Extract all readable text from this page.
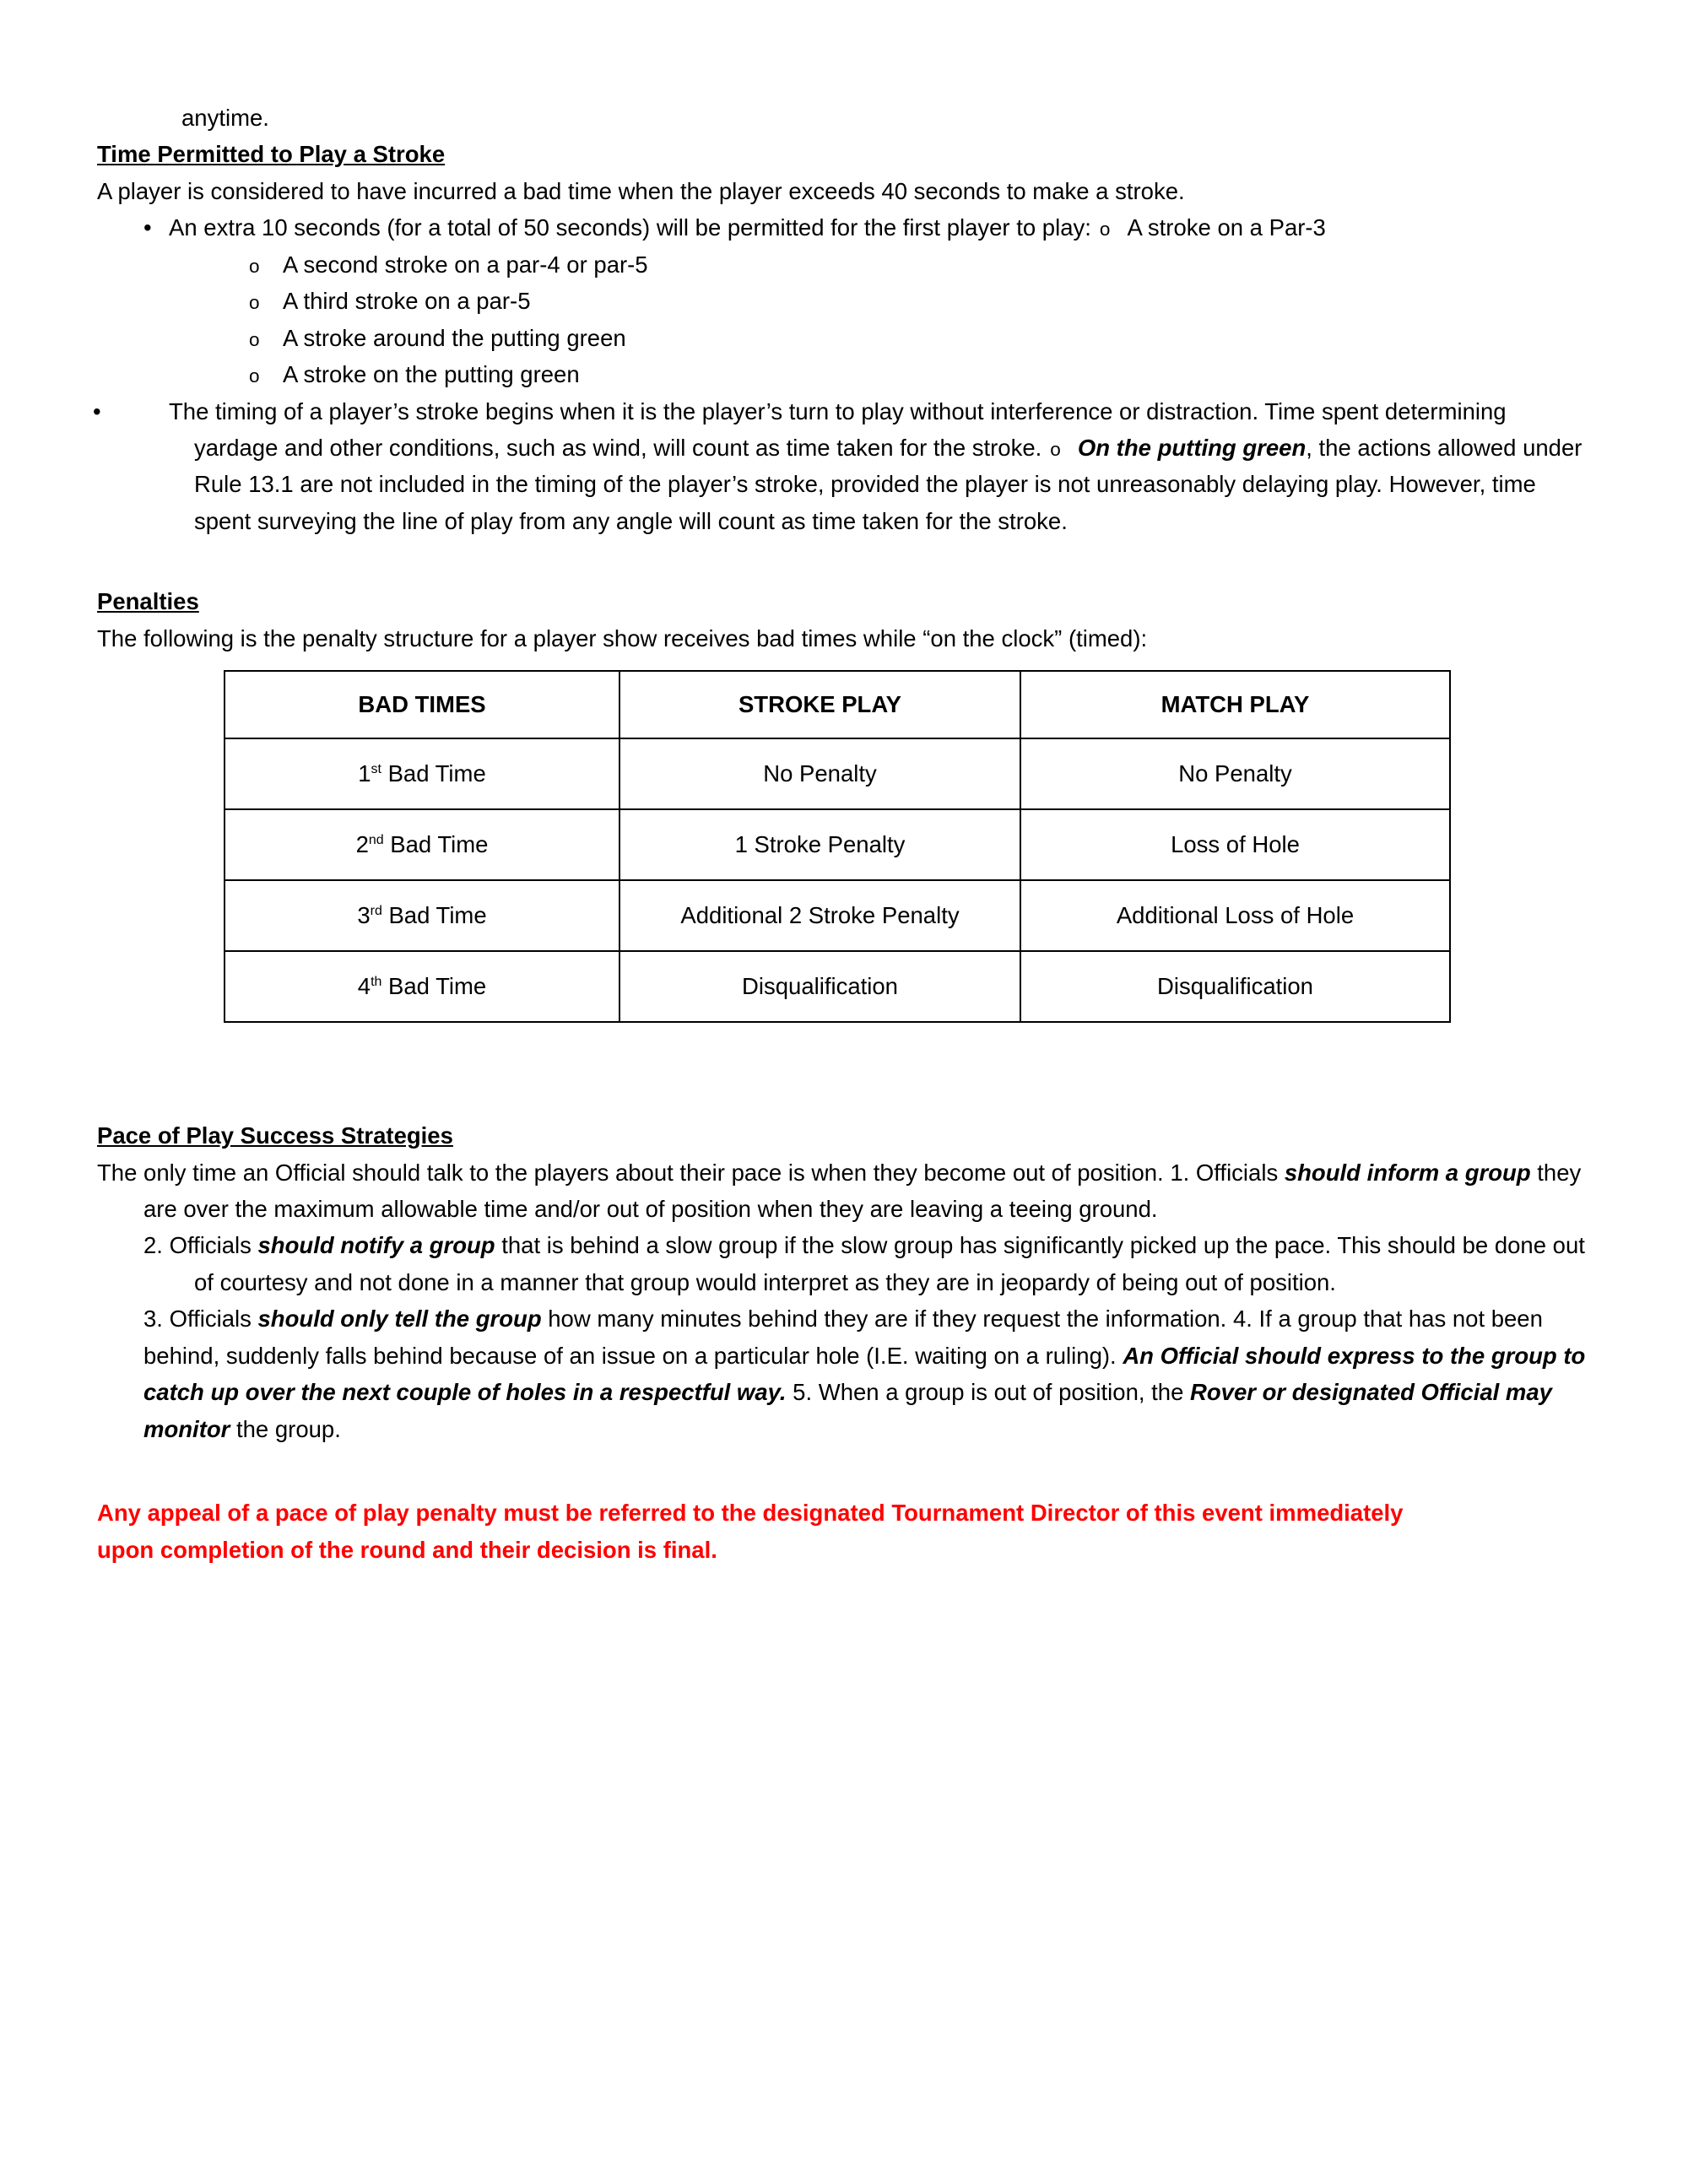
anytime.

Time Permitted to Play a Stroke

A player is considered to have incurred a bad time when the player exceeds 40 seconds to make a stroke.

• An extra 10 seconds (for a total of 50 seconds) will be permitted for the first player to play: o A stroke on a Par-3
o A second stroke on a par-4 or par-5
o A third stroke on a par-5
o A stroke around the putting green
o A stroke on the putting green
•	The timing of a player’s stroke begins when it is the player’s turn to play without interference or distraction. Time spent determining yardage and other conditions, such as wind, will count as time taken for the stroke. o On the putting green, the actions allowed under Rule 13.1 are not included in the timing of the player’s stroke, provided the player is not unreasonably delaying play. However, time spent surveying the line of play from any angle will count as time taken for the stroke.
Penalties

The following is the penalty structure for a player show receives bad times while “on the clock” (timed):

BAD TIMES	STROKE PLAY	MATCH PLAY
1st Bad Time	No Penalty	No Penalty
2nd Bad Time	1 Stroke Penalty	Loss of Hole
3rd Bad Time	Additional 2 Stroke Penalty	Additional Loss of Hole
4th Bad Time	Disqualification	Disqualification
Pace of Play Success Strategies

The only time an Official should talk to the players about their pace is when they become out of position. 1. Officials should inform a group they are over the maximum allowable time and/or out of position when they are leaving a teeing ground.

2. Officials should notify a group that is behind a slow group if the slow group has significantly picked up the pace. This should be done out of courtesy and not done in a manner that group would interpret as they are in jeopardy of being out of position.

3. Officials should only tell the group how many minutes behind they are if they request the information. 4. If a group that has not been behind, suddenly falls behind because of an issue on a particular hole (I.E. waiting on a ruling). An Official should express to the group to catch up over the next couple of holes in a respectful way. 5. When a group is out of position, the Rover or designated Official may monitor the group.

Any appeal of a pace of play penalty must be referred to the designated Tournament Director of this event immediately upon completion of the round and their decision is final.
